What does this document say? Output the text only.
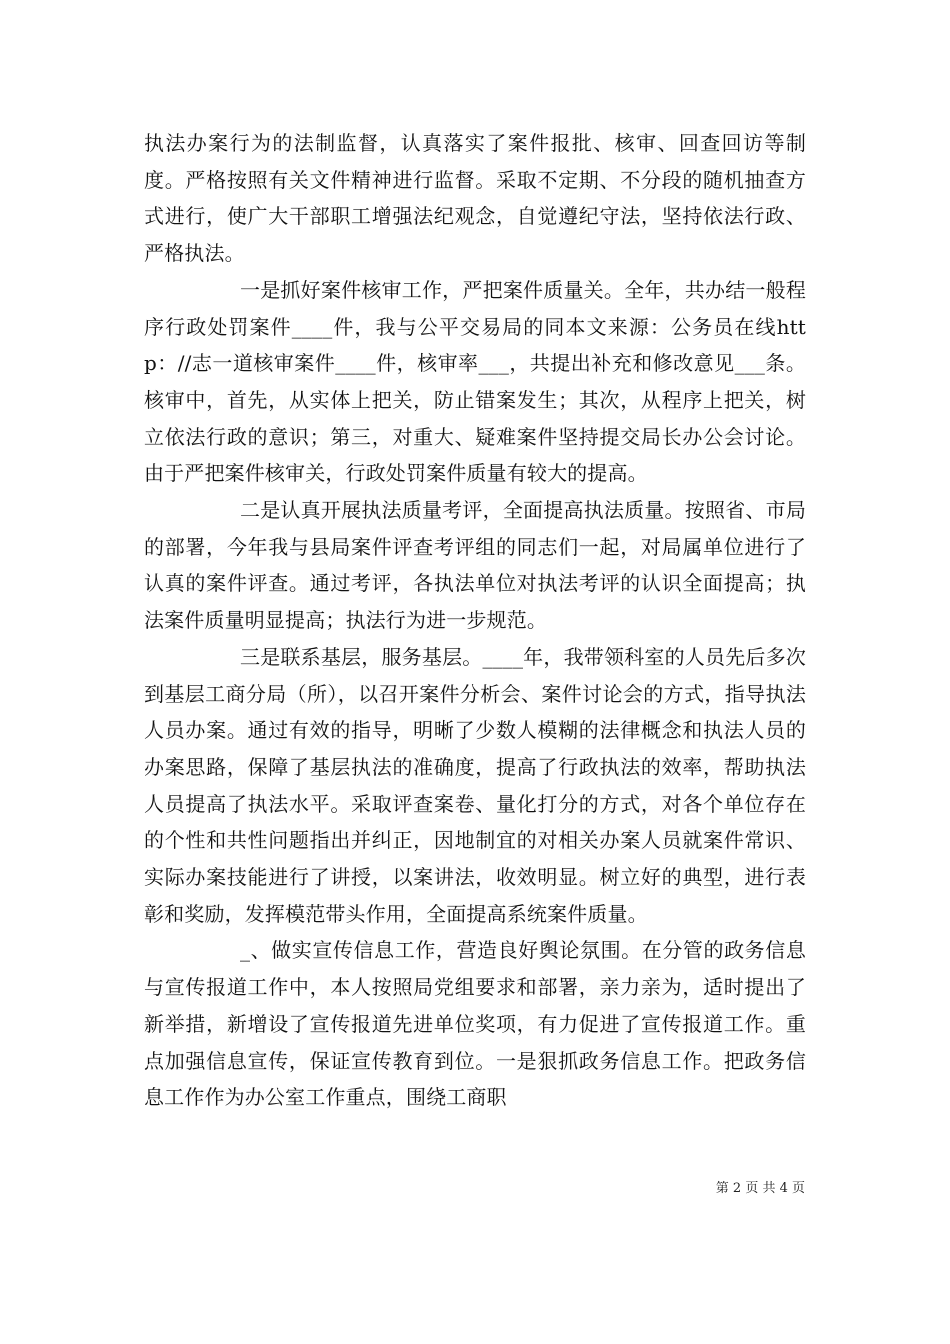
执法办案行为的法制监督，认真落实了案件报批、核审、回查回访等制度。严格按照有关文件精神进行监督。采取不定期、不分段的随机抽查方式进行，使广大干部职工增强法纪观念，自觉遵纪守法，坚持依法行政、严格执法。

一是抓好案件核审工作，严把案件质量关。全年，共办结一般程序行政处罚案件____件，我与公平交易局的同本文来源：公务员在线http：//志一道核审案件____件，核审率___，共提出补充和修改意见___条。核审中，首先，从实体上把关，防止错案发生；其次，从程序上把关，树立依法行政的意识；第三，对重大、疑难案件坚持提交局长办公会讨论。由于严把案件核审关，行政处罚案件质量有较大的提高。

二是认真开展执法质量考评，全面提高执法质量。按照省、市局的部署，今年我与县局案件评查考评组的同志们一起，对局属单位进行了认真的案件评查。通过考评，各执法单位对执法考评的认识全面提高；执法案件质量明显提高；执法行为进一步规范。

三是联系基层，服务基层。____年，我带领科室的人员先后多次到基层工商分局（所），以召开案件分析会、案件讨论会的方式，指导执法人员办案。通过有效的指导，明晰了少数人模糊的法律概念和执法人员的办案思路，保障了基层执法的准确度，提高了行政执法的效率，帮助执法人员提高了执法水平。采取评查案卷、量化打分的方式，对各个单位存在的个性和共性问题指出并纠正，因地制宜的对相关办案人员就案件常识、实际办案技能进行了讲授，以案讲法，收效明显。树立好的典型，进行表彰和奖励，发挥模范带头作用，全面提高系统案件质量。

_、做实宣传信息工作，营造良好舆论氛围。在分管的政务信息与宣传报道工作中，本人按照局党组要求和部署，亲力亲为，适时提出了新举措，新增设了宣传报道先进单位奖项，有力促进了宣传报道工作。重点加强信息宣传，保证宣传教育到位。一是狠抓政务信息工作。把政务信息工作作为办公室工作重点，围绕工商职

第 2 页 共 4 页
